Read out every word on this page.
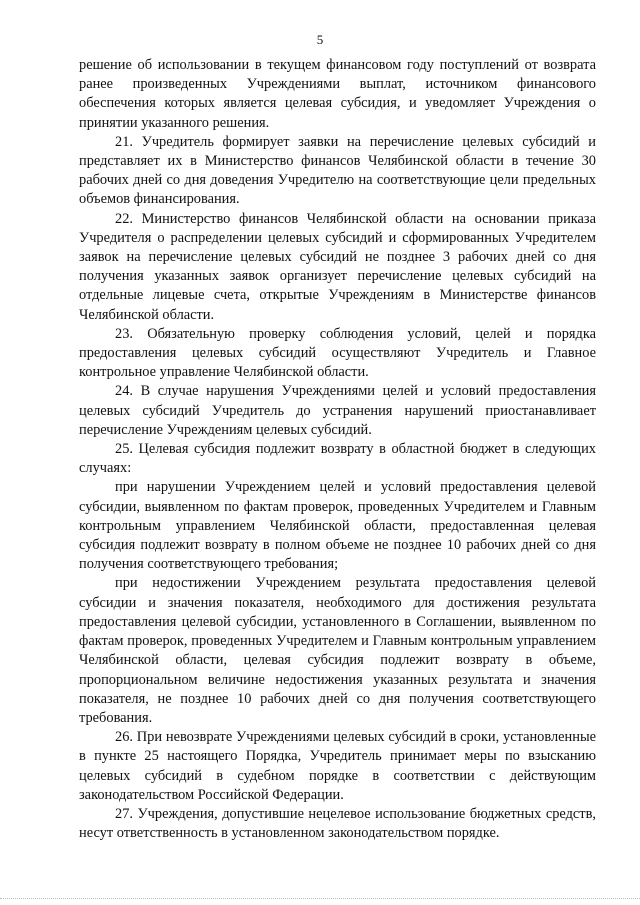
5

решение об использовании в текущем финансовом году поступлений от возврата ранее произведенных Учреждениями выплат, источником финансового обеспечения которых является целевая субсидия, и уведомляет Учреждения о принятии указанного решения.

21. Учредитель формирует заявки на перечисление целевых субсидий и представляет их в Министерство финансов Челябинской области в течение 30 рабочих дней со дня доведения Учредителю на соответствующие цели предельных объемов финансирования.

22. Министерство финансов Челябинской области на основании приказа Учредителя о распределении целевых субсидий и сформированных Учредителем заявок на перечисление целевых субсидий не позднее 3 рабочих дней со дня получения указанных заявок организует перечисление целевых субсидий на отдельные лицевые счета, открытые Учреждениям в Министерстве финансов Челябинской области.

23. Обязательную проверку соблюдения условий, целей и порядка предоставления целевых субсидий осуществляют Учредитель и Главное контрольное управление Челябинской области.

24. В случае нарушения Учреждениями целей и условий предоставления целевых субсидий Учредитель до устранения нарушений приостанавливает перечисление Учреждениям целевых субсидий.

25. Целевая субсидия подлежит возврату в областной бюджет в следующих случаях:

при нарушении Учреждением целей и условий предоставления целевой субсидии, выявленном по фактам проверок, проведенных Учредителем и Главным контрольным управлением Челябинской области, предоставленная целевая субсидия подлежит возврату в полном объеме не позднее 10 рабочих дней со дня получения соответствующего требования;

при недостижении Учреждением результата предоставления целевой субсидии и значения показателя, необходимого для достижения результата предоставления целевой субсидии, установленного в Соглашении, выявленном по фактам проверок, проведенных Учредителем и Главным контрольным управлением Челябинской области, целевая субсидия подлежит возврату в объеме, пропорциональном величине недостижения указанных результата и значения показателя, не позднее 10 рабочих дней со дня получения соответствующего требования.

26. При невозврате Учреждениями целевых субсидий в сроки, установленные в пункте 25 настоящего Порядка, Учредитель принимает меры по взысканию целевых субсидий в судебном порядке в соответствии с действующим законодательством Российской Федерации.

27. Учреждения, допустившие нецелевое использование бюджетных средств, несут ответственность в установленном законодательством порядке.
